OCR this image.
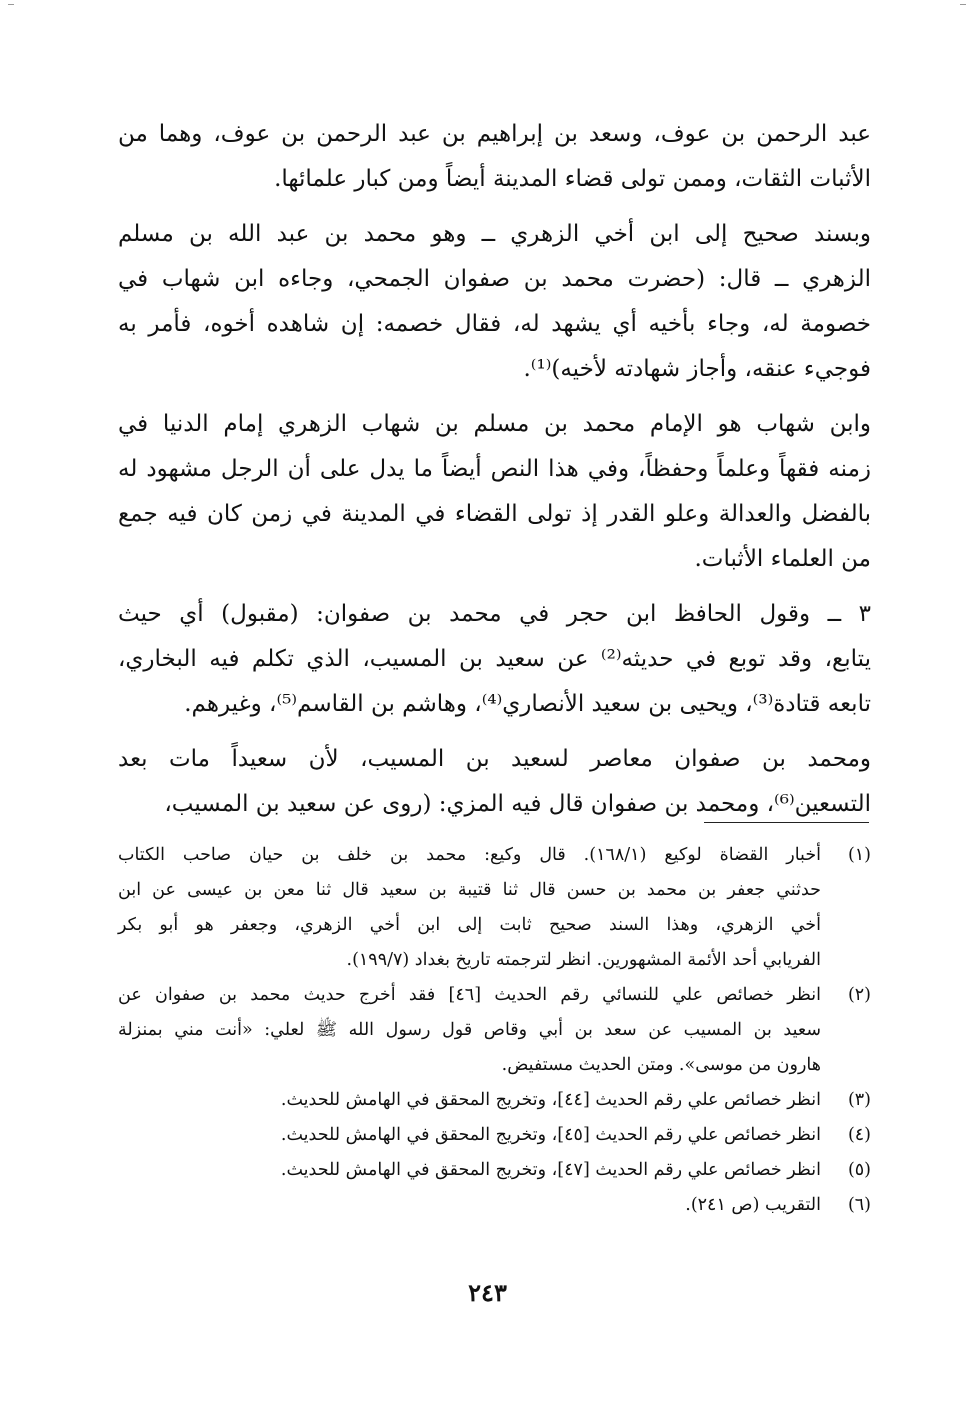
عبد الرحمن بن عوف، وسعد بن إبراهيم بن عبد الرحمن بن عوف، وهما من
الأثبات الثقات، وممن تولى قضاء المدينة أيضاً ومن كبار علمائها.
وبسند صحيح إلى ابن أخي الزهري ــ وهو محمد بن عبد الله بن مسلم
الزهري ــ قال: (حضرت محمد بن صفوان الجمحي، وجاءه ابن شهاب في
خصومة له، وجاء بأخيه أي يشهد له، فقال خصمه: إن شاهده أخوه، فأمر به
فوجيء عنقه، وأجاز شهادته لأخيه)⁽¹⁾.
وابن شهاب هو الإمام محمد بن مسلم بن شهاب الزهري إمام الدنيا في
زمنه فقهاً وعلماً وحفظاً، وفي هذا النص أيضاً ما يدل على أن الرجل مشهود له
بالفضل والعدالة وعلو القدر إذ تولى القضاء في المدينة في زمن كان فيه جمع
من العلماء الأثبات.
٣ ــ وقول الحافظ ابن حجر في محمد بن صفوان: (مقبول) أي حيث
يتابع، وقد توبع في حديثه⁽²⁾ عن سعيد بن المسيب، الذي تكلم فيه البخاري،
تابعه قتادة⁽³⁾، ويحيى بن سعيد الأنصاري⁽⁴⁾، وهاشم بن القاسم⁽⁵⁾، وغيرهم.
ومحمد بن صفوان معاصر لسعيد بن المسيب، لأن سعيداً مات بعد
التسعين⁽⁶⁾، ومحمد بن صفوان قال فيه المزي: (روى عن سعيد بن المسيب،
(١)
أخبار القضاة لوكيع (١٦٨/١). قال وكيع: محمد بن خلف بن حيان صاحب الكتاب
حدثني جعفر بن محمد بن حسن قال ثنا قتيبة بن سعيد قال ثنا معن بن عيسى عن ابن
أخي الزهري، وهذا السند صحيح ثابت إلى ابن أخي الزهري، وجعفر هو أبو بكر
الفريابي أحد الأئمة المشهورين. انظر لترجمته تاريخ بغداد (١٩٩/٧).
(٢)
انظر خصائص علي للنسائي رقم الحديث [٤٦] فقد أخرج حديث محمد بن صفوان عن
سعيد بن المسيب عن سعد بن أبي وقاص قول رسول الله ﷺ لعلي: «أنت مني بمنزلة
هارون من موسى». ومتن الحديث مستفيض.
(٣)
انظر خصائص علي رقم الحديث [٤٤]، وتخريج المحقق في الهامش للحديث.
(٤)
انظر خصائص علي رقم الحديث [٤٥]، وتخريج المحقق في الهامش للحديث.
(٥)
انظر خصائص علي رقم الحديث [٤٧]، وتخريج المحقق في الهامش للحديث.
(٦)
التقريب (ص ٢٤١).
٢٤٣
